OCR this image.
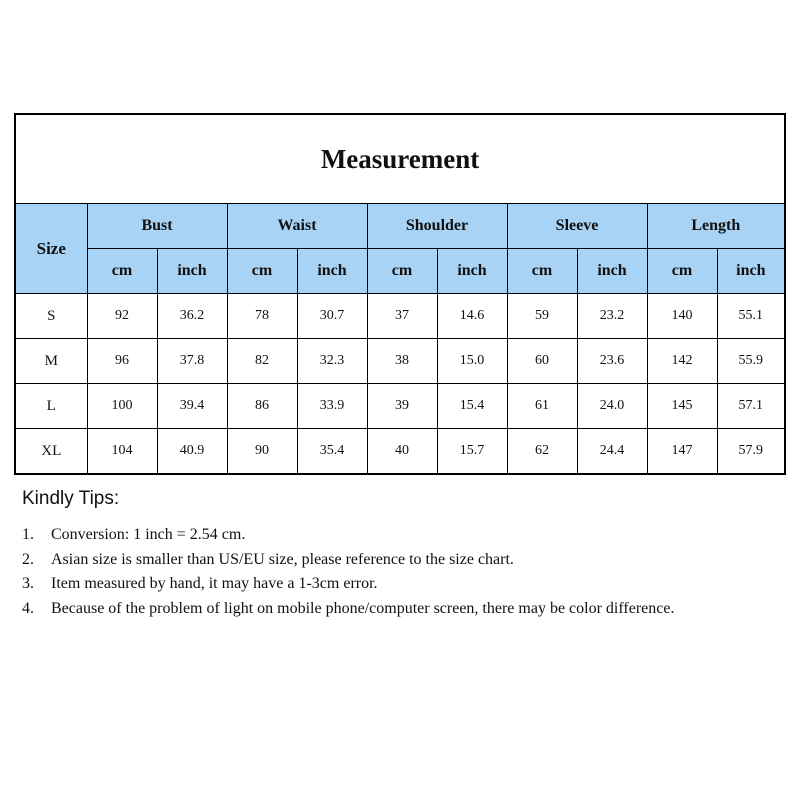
Measurement										
Size	Bust		Waist		Shoulder		Sleeve		Length	
	cm	inch	cm	inch	cm	inch	cm	inch	cm	inch
S	92	36.2	78	30.7	37	14.6	59	23.2	140	55.1
M	96	37.8	82	32.3	38	15.0	60	23.6	142	55.9
L	100	39.4	86	33.9	39	15.4	61	24.0	145	57.1
XL	104	40.9	90	35.4	40	15.7	62	24.4	147	57.9

Kindly Tips:

1.	Conversion: 1 inch = 2.54 cm.
2.	Asian size is smaller than US/EU size, please reference to the size chart.
3.	Item measured by hand, it may have a 1-3cm error.
4.	Because of the problem of light on mobile phone/computer screen, there may be color difference.
